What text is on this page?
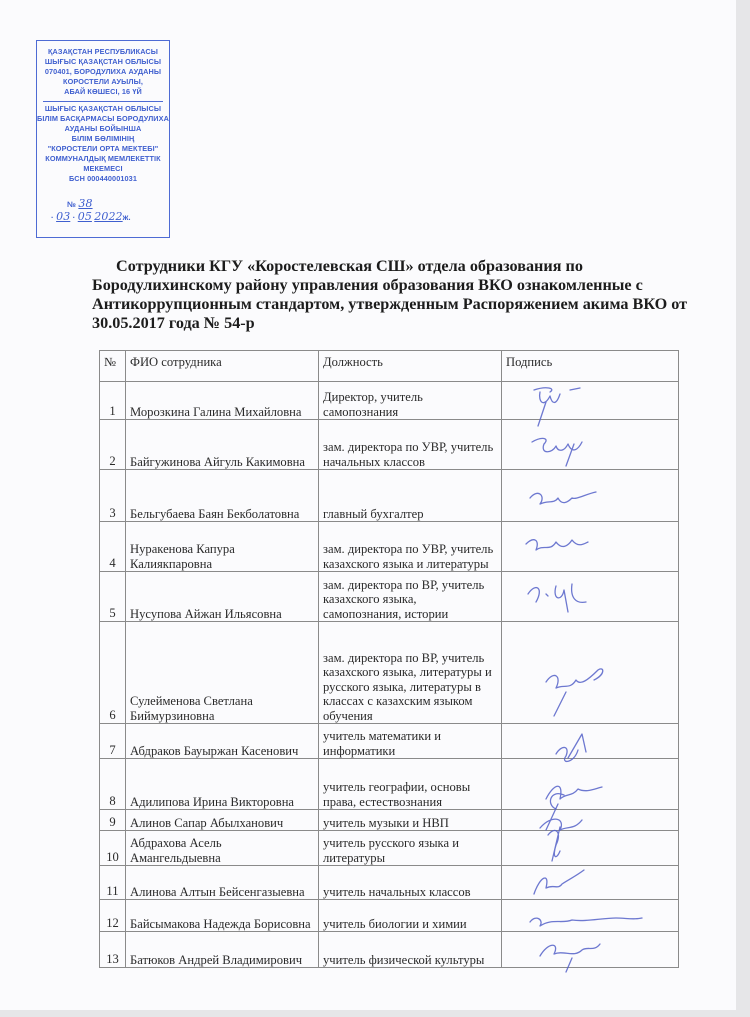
ҚАЗАҚСТАН РЕСПУБЛИКАСЫ
ШЫҒЫС ҚАЗАҚСТАН ОБЛЫСЫ
070401, БОРОДУЛИХА АУДАНЫ
КОРОСТЕЛИ АУЫЛЫ,
АБАЙ КӨШЕСІ, 16 ҮЙ
ШЫҒЫС ҚАЗАҚСТАН ОБЛЫСЫ
БІЛІМ БАСҚАРМАСЫ БОРОДУЛИХА
АУДАНЫ БОЙЫНША
БІЛІМ БӨЛІМІНІҢ
"КОРОСТЕЛИ ОРТА МЕКТЕБІ"
КОММУНАЛДЫҚ МЕМЛЕКЕТТІК
МЕКЕМЕСІ
БСН 000440001031
№ 38
· 03 · 05 2022ж.
Сотрудники КГУ «Коростелевская СШ» отдела образования по Бородулихинскому району управления образования ВКО ознакомленные с Антикоррупционным стандартом, утвержденным Распоряжением акима ВКО от 30.05.2017 года № 54-р
№	ФИО сотрудника	Должность	Подпись
1	Морозкина Галина Михайловна	Директор, учитель самопознания	

2	Байгужинова Айгуль Какимовна	зам. директора по УВР, учитель начальных классов	

3	Бельгубаева Баян Бекболатовна	главный бухгалтер	

4	Нуракенова Капура Калиякпаровна	зам. директора по УВР, учитель казахского языка и литературы	

5	Нусупова Айжан Ильясовна	зам. директора по ВР, учитель казахского языка, самопознания, истории	

6	Сулейменова Светлана Биймурзиновна	зам. директора по ВР, учитель казахского языка, литературы и русского языка, литературы в классах с казахским языком обучения	

7	Абдраков Бауыржан Касенович	учитель математики и информатики	

8	Адилипова Ирина Викторовна	учитель географии, основы права, естествознания	

9	Алинов Сапар Абылханович	учитель музыки и НВП	

10	Абдрахова Асель Амангельдыевна	учитель русского языка и литературы	

11	Алинова Алтын Бейсенгазыевна	учитель начальных классов	

12	Байсымакова Надежда Борисовна	учитель биологии и химии	

13	Батюков Андрей Владимирович	учитель физической культуры	
